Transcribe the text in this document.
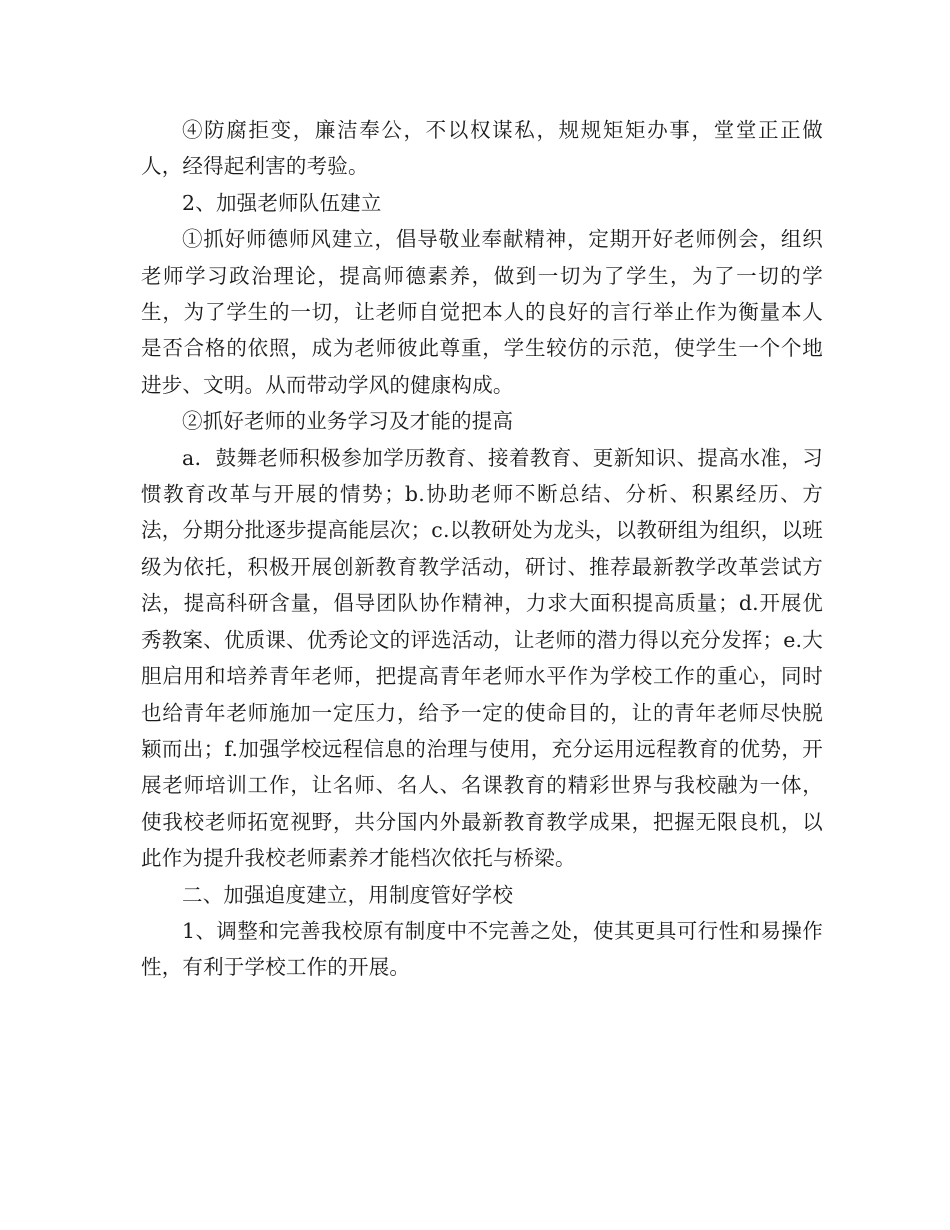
④防腐拒变，廉洁奉公，不以权谋私，规规矩矩办事，堂堂正正做人，经得起利害的考验。

2、加强老师队伍建立

①抓好师德师风建立，倡导敬业奉献精神，定期开好老师例会，组织老师学习政治理论，提高师德素养，做到一切为了学生，为了一切的学生，为了学生的一切，让老师自觉把本人的良好的言行举止作为衡量本人是否合格的依照，成为老师彼此尊重，学生较仿的示范，使学生一个个地进步、文明。从而带动学风的健康构成。

②抓好老师的业务学习及才能的提高

a．鼓舞老师积极参加学历教育、接着教育、更新知识、提高水准，习惯教育改革与开展的情势；b.协助老师不断总结、分析、积累经历、方法，分期分批逐步提高能层次；c.以教研处为龙头，以教研组为组织，以班级为依托，积极开展创新教育教学活动，研讨、推荐最新教学改革尝试方法，提高科研含量，倡导团队协作精神，力求大面积提高质量；d.开展优秀教案、优质课、优秀论文的评选活动，让老师的潜力得以充分发挥；e.大胆启用和培养青年老师，把提高青年老师水平作为学校工作的重心，同时也给青年老师施加一定压力，给予一定的使命目的，让的青年老师尽快脱颖而出；f.加强学校远程信息的治理与使用，充分运用远程教育的优势，开展老师培训工作，让名师、名人、名课教育的精彩世界与我校融为一体，使我校老师拓宽视野，共分国内外最新教育教学成果，把握无限良机，以此作为提升我校老师素养才能档次依托与桥梁。

二、加强追度建立，用制度管好学校

1、调整和完善我校原有制度中不完善之处，使其更具可行性和易操作性，有利于学校工作的开展。
